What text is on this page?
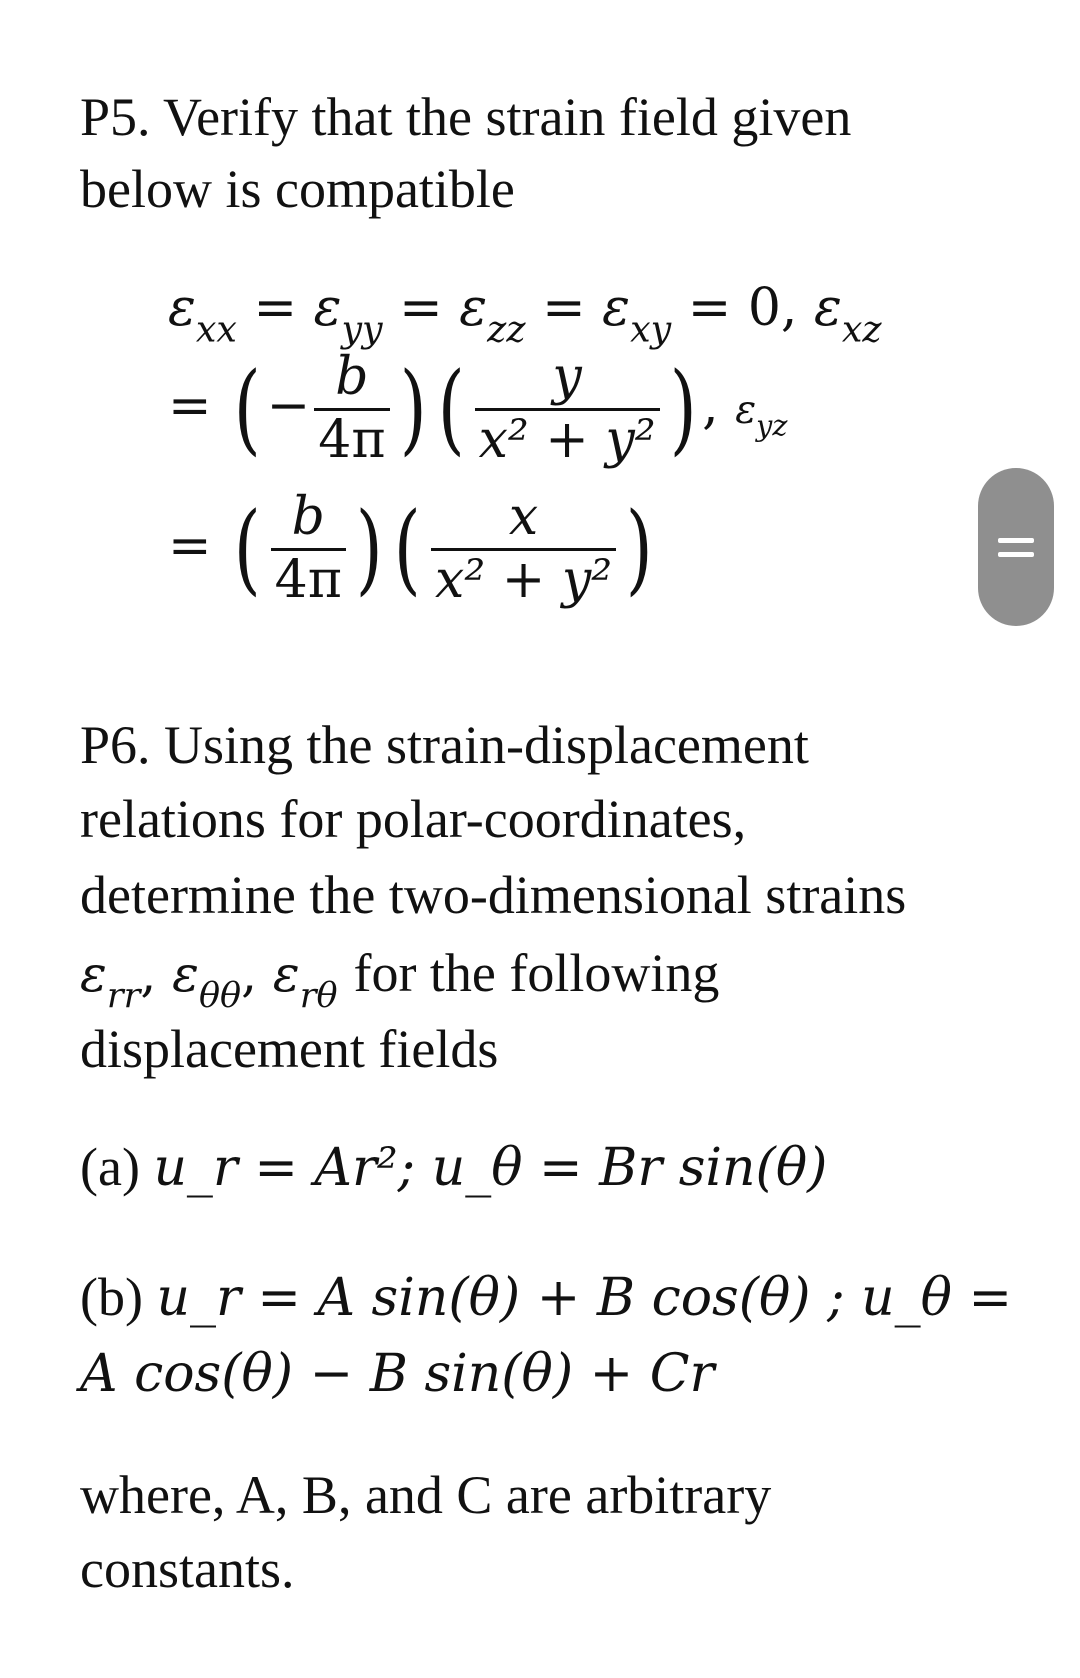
P5. Verify that the strain field given

below is compatible

$\varepsilon_{xx} = \varepsilon_{yy} = \varepsilon_{zz} = \varepsilon_{xy} = 0$, $\varepsilon_{xz}$
= ( − $\frac{b}{4\pi}$ ) ( $\frac{y}{\text{x² + y²}}$ ) , $\varepsilon_{yz}$
= ( $\frac{b}{4\pi}$ ) ( $\frac{x}{\text{x² + y²}}$ )

P6. Using the strain-displacement

relations for polar-coordinates,

determine the two-dimensional strains

$\varepsilon_{rr}$, $\varepsilon_{\theta\theta}$, $\varepsilon_{r\theta}$ for the following

displacement fields

(a) u_r = Ar²; u_θ = Br sin(θ)

(b) u_r = A sin(θ) + B cos(θ) ; u_θ =

A cos(θ) − B sin(θ) + Cr

where, A, B, and C are arbitrary

constants.
